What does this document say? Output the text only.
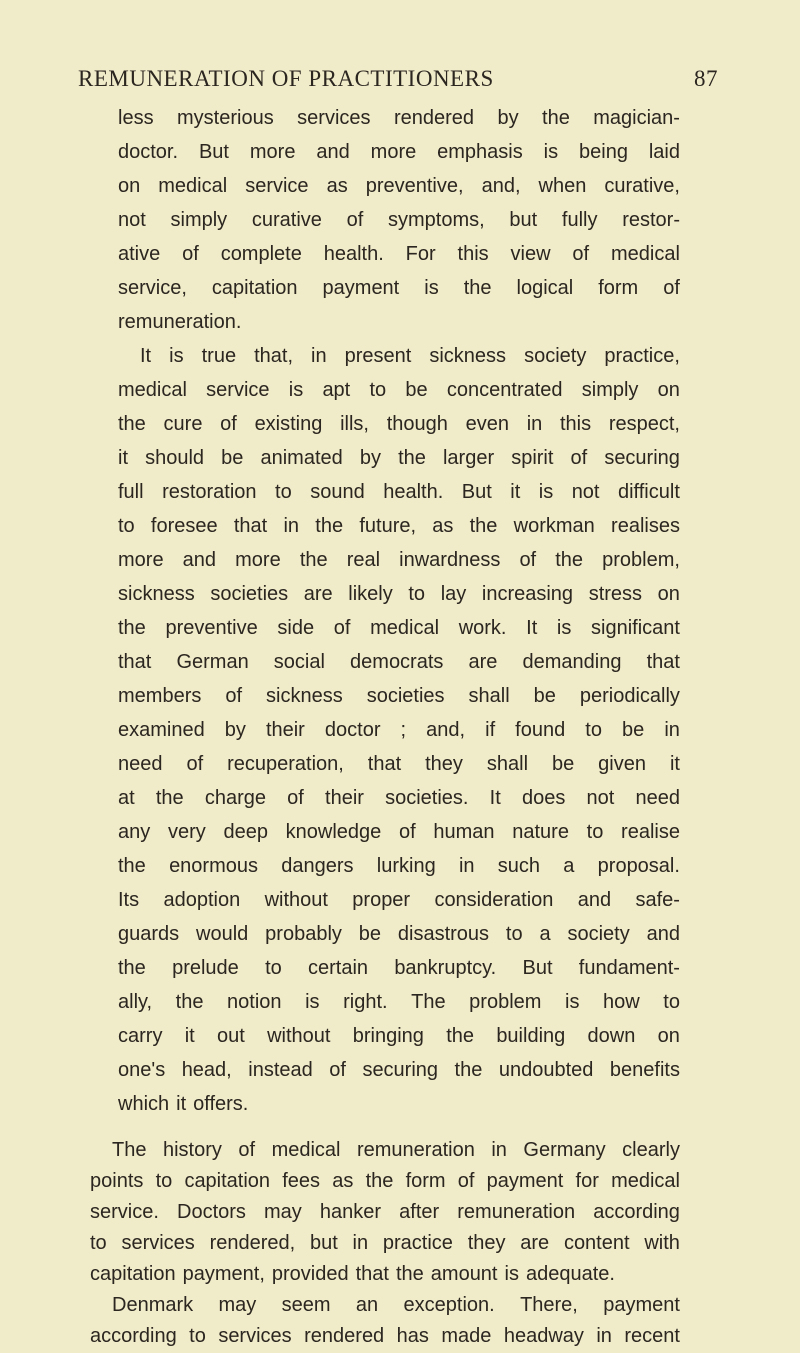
REMUNERATION OF PRACTITIONERS	87
less mysterious services rendered by the magician-
doctor. But more and more emphasis is being laid
on medical service as preventive, and, when curative,
not simply curative of symptoms, but fully restor-
ative of complete health. For this view of medical
service, capitation payment is the logical form of
remuneration.
It is true that, in present sickness society practice,
medical service is apt to be concentrated simply on
the cure of existing ills, though even in this respect,
it should be animated by the larger spirit of securing
full restoration to sound health. But it is not difficult
to foresee that in the future, as the workman realises
more and more the real inwardness of the problem,
sickness societies are likely to lay increasing stress on
the preventive side of medical work. It is significant
that German social democrats are demanding that
members of sickness societies shall be periodically
examined by their doctor ; and, if found to be in
need of recuperation, that they shall be given it
at the charge of their societies. It does not need
any very deep knowledge of human nature to realise
the enormous dangers lurking in such a proposal.
Its adoption without proper consideration and safe-
guards would probably be disastrous to a society and
the prelude to certain bankruptcy. But fundament-
ally, the notion is right. The problem is how to
carry it out without bringing the building down on
one's head, instead of securing the undoubted benefits
which it offers.
The history of medical remuneration in Germany clearly
points to capitation fees as the form of payment for medical
service. Doctors may hanker after remuneration according
to services rendered, but in practice they are content with
capitation payment, provided that the amount is adequate.
Denmark may seem an exception. There, payment
according to services rendered has made headway in recent
